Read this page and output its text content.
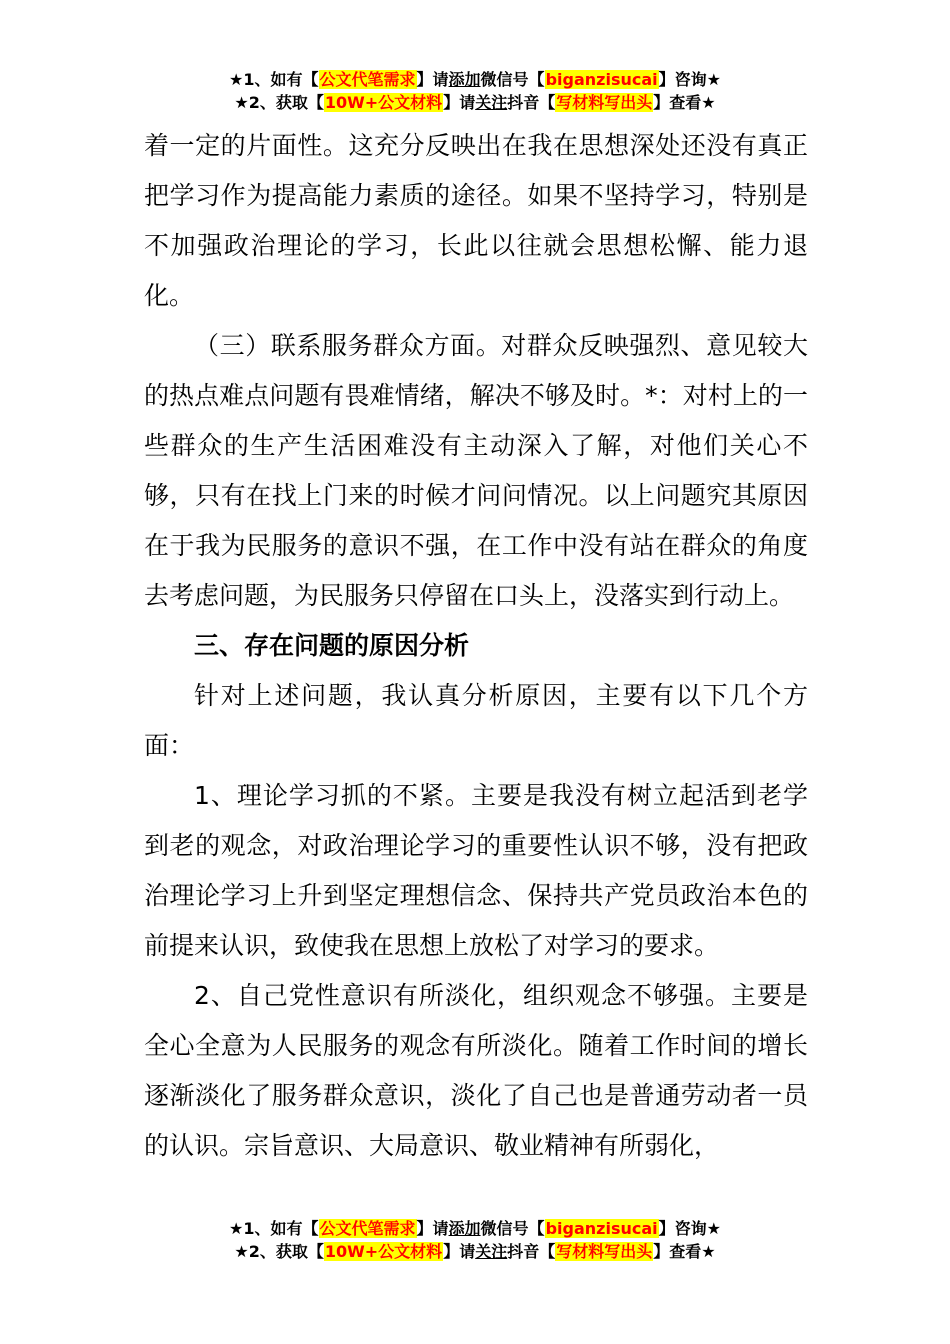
★1、如有【公文代笔需求】请添加微信号【biganzisucai】咨询★
★2、获取【10W+公文材料】请关注抖音【写材料写出头】查看★

着一定的片面性。这充分反映出在我在思想深处还没有真正把学习作为提高能力素质的途径。如果不坚持学习，特别是不加强政治理论的学习，长此以往就会思想松懈、能力退化。

（三）联系服务群众方面。对群众反映强烈、意见较大的热点难点问题有畏难情绪，解决不够及时。*：对村上的一些群众的生产生活困难没有主动深入了解，对他们关心不够，只有在找上门来的时候才问问情况。以上问题究其原因在于我为民服务的意识不强，在工作中没有站在群众的角度去考虑问题，为民服务只停留在口头上，没落实到行动上。

三、存在问题的原因分析

针对上述问题，我认真分析原因，主要有以下几个方面：

1、理论学习抓的不紧。主要是我没有树立起活到老学到老的观念，对政治理论学习的重要性认识不够，没有把政治理论学习上升到坚定理想信念、保持共产党员政治本色的前提来认识，致使我在思想上放松了对学习的要求。

2、自己党性意识有所淡化，组织观念不够强。主要是全心全意为人民服务的观念有所淡化。随着工作时间的增长逐渐淡化了服务群众意识，淡化了自己也是普通劳动者一员的认识。宗旨意识、大局意识、敬业精神有所弱化，

★1、如有【公文代笔需求】请添加微信号【biganzisucai】咨询★
★2、获取【10W+公文材料】请关注抖音【写材料写出头】查看★
